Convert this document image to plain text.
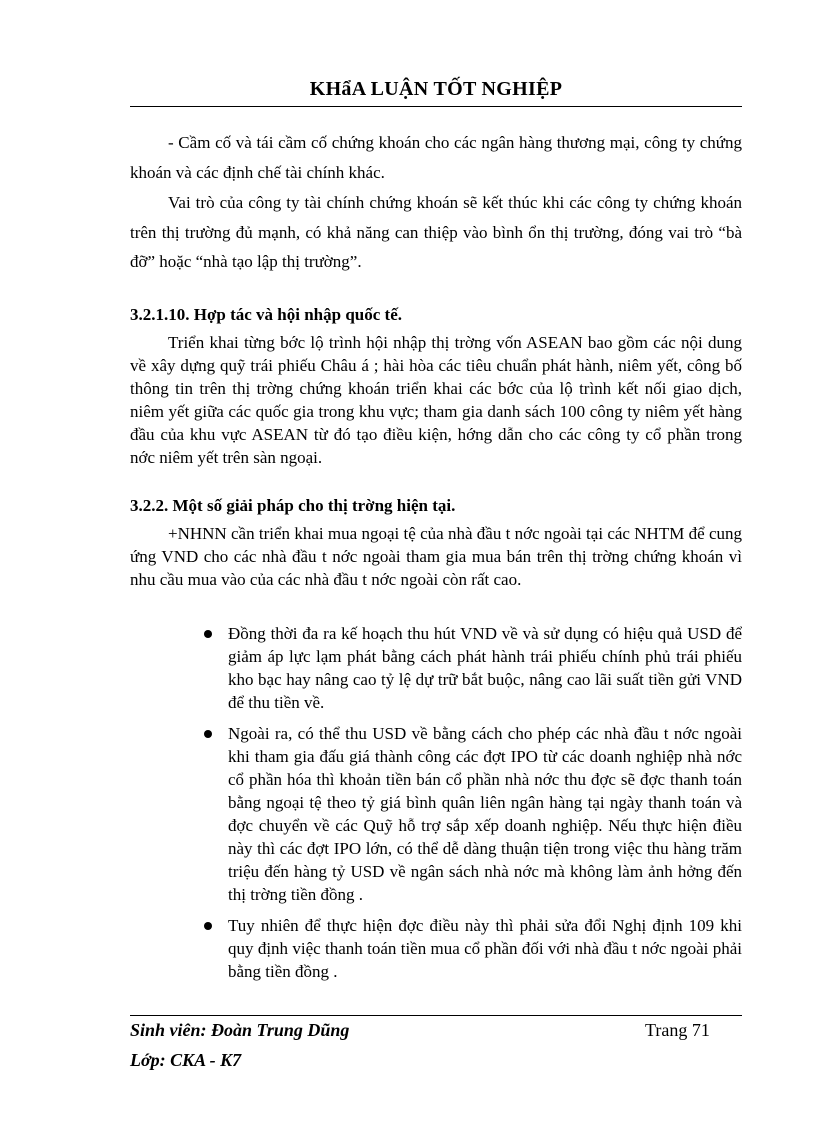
KHẩA LUẬN TỐT NGHIỆP

- Cầm cố và tái cầm cố chứng khoán cho các ngân hàng thương mại, công ty chứng khoán và các định chế tài chính khác.

Vai trò của công ty tài chính chứng khoán sẽ kết thúc khi các công ty chứng khoán trên thị trường đủ mạnh, có khả năng can thiệp vào bình ổn thị trường, đóng vai trò “bà đỡ” hoặc “nhà tạo lập thị trường”.

3.2.1.10. Hợp tác và hội nhập quốc tế.

Triển khai từng bớc lộ trình hội nhập thị trờng vốn ASEAN bao gồm các nội dung về xây dựng quỹ trái phiếu Châu á ; hài hòa các tiêu chuẩn phát hành, niêm yết, công bố thông tin trên thị trờng chứng khoán triển khai các bớc của lộ trình kết nối giao dịch, niêm yết giữa các quốc gia trong khu vực; tham gia danh sách 100 công ty niêm yết hàng đầu của khu vực ASEAN từ đó tạo điều kiện, hớng dẫn cho các công ty cổ phần trong nớc niêm yết trên sàn ngoại.

3.2.2. Một số giải pháp cho thị trờng hiện tại.

+NHNN cần triển khai mua ngoại tệ của nhà đầu t nớc ngoài tại các NHTM để cung ứng VND cho các nhà đầu t nớc ngoài tham gia mua bán trên thị trờng chứng khoán vì nhu cầu mua vào của các nhà đầu t nớc ngoài còn rất cao.

Đồng thời đa ra kế hoạch thu hút VND về và sử dụng có hiệu quả USD để giảm áp lực lạm phát bằng cách phát hành trái phiếu chính phủ trái phiếu kho bạc hay nâng cao tỷ lệ dự trữ bắt buộc, nâng cao lãi suất tiền gửi VND để thu tiền về.
Ngoài ra, có thể thu USD về bằng cách cho phép các nhà đầu t nớc ngoài khi tham gia đấu giá thành công các đợt IPO từ các doanh nghiệp nhà nớc cổ phần hóa thì khoản tiền bán cổ phần nhà nớc thu đợc sẽ đợc thanh toán bằng ngoại tệ theo tỷ giá bình quân liên ngân hàng tại ngày thanh toán và đợc chuyển về các Quỹ hỗ trợ sắp xếp doanh nghiệp. Nếu thực hiện điều này thì các đợt IPO lớn, có thể dễ dàng thuận tiện trong việc thu hàng trăm triệu đến hàng tỷ USD về ngân sách nhà nớc mà không làm ảnh hởng đến thị trờng tiền đồng .
Tuy nhiên để thực hiện đợc điều này thì phải sửa đổi Nghị định 109 khi quy định việc thanh toán tiền mua cổ phần đối với nhà đầu t nớc ngoài phải bằng tiền đồng .
Sinh viên: Đoàn Trung Dũng	Trang 71
Lớp: CKA - K7
